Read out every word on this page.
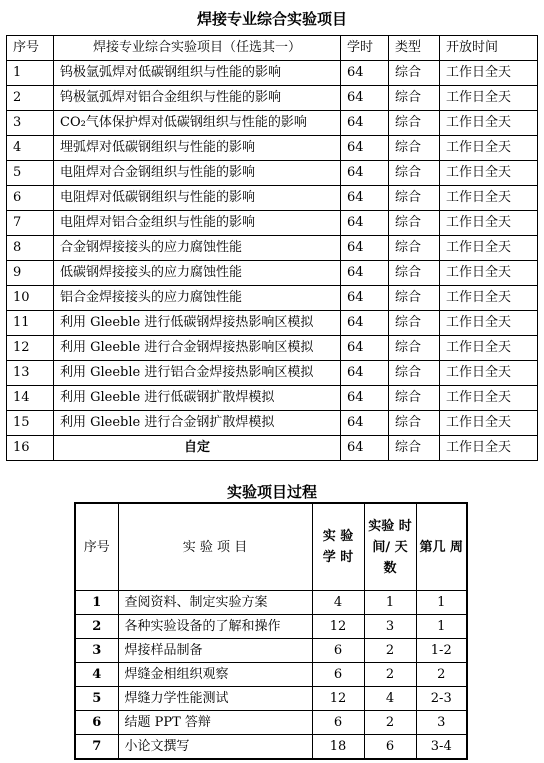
焊接专业综合实验项目
序号	焊接专业综合实验项目（任选其一）	学时	类型	开放时间
1	钨极氩弧焊对低碳钢组织与性能的影响	64	综合	工作日全天
2	钨极氩弧焊对铝合金组织与性能的影响	64	综合	工作日全天
3	CO₂气体保护焊对低碳钢组织与性能的影响	64	综合	工作日全天
4	埋弧焊对低碳钢组织与性能的影响	64	综合	工作日全天
5	电阻焊对合金钢组织与性能的影响	64	综合	工作日全天
6	电阻焊对低碳钢组织与性能的影响	64	综合	工作日全天
7	电阻焊对铝合金组织与性能的影响	64	综合	工作日全天
8	合金钢焊接接头的应力腐蚀性能	64	综合	工作日全天
9	低碳钢焊接接头的应力腐蚀性能	64	综合	工作日全天
10	铝合金焊接接头的应力腐蚀性能	64	综合	工作日全天
11	利用 Gleeble 进行低碳钢焊接热影响区模拟	64	综合	工作日全天
12	利用 Gleeble 进行合金钢焊接热影响区模拟	64	综合	工作日全天
13	利用 Gleeble 进行铝合金焊接热影响区模拟	64	综合	工作日全天
14	利用 Gleeble 进行低碳钢扩散焊模拟	64	综合	工作日全天
15	利用 Gleeble 进行合金钢扩散焊模拟	64	综合	工作日全天
16	自定	64	综合	工作日全天
实验项目过程
序号	实 验 项 目	实 验 学 时	实验 时间/ 天数	第几 周
1	查阅资料、制定实验方案	4	1	1
2	各种实验设备的了解和操作	12	3	1
3	焊接样品制备	6	2	1-2
4	焊缝金相组织观察	6	2	2
5	焊缝力学性能测试	12	4	2-3
6	结题 PPT 答辩	6	2	3
7	小论文撰写	18	6	3-4
